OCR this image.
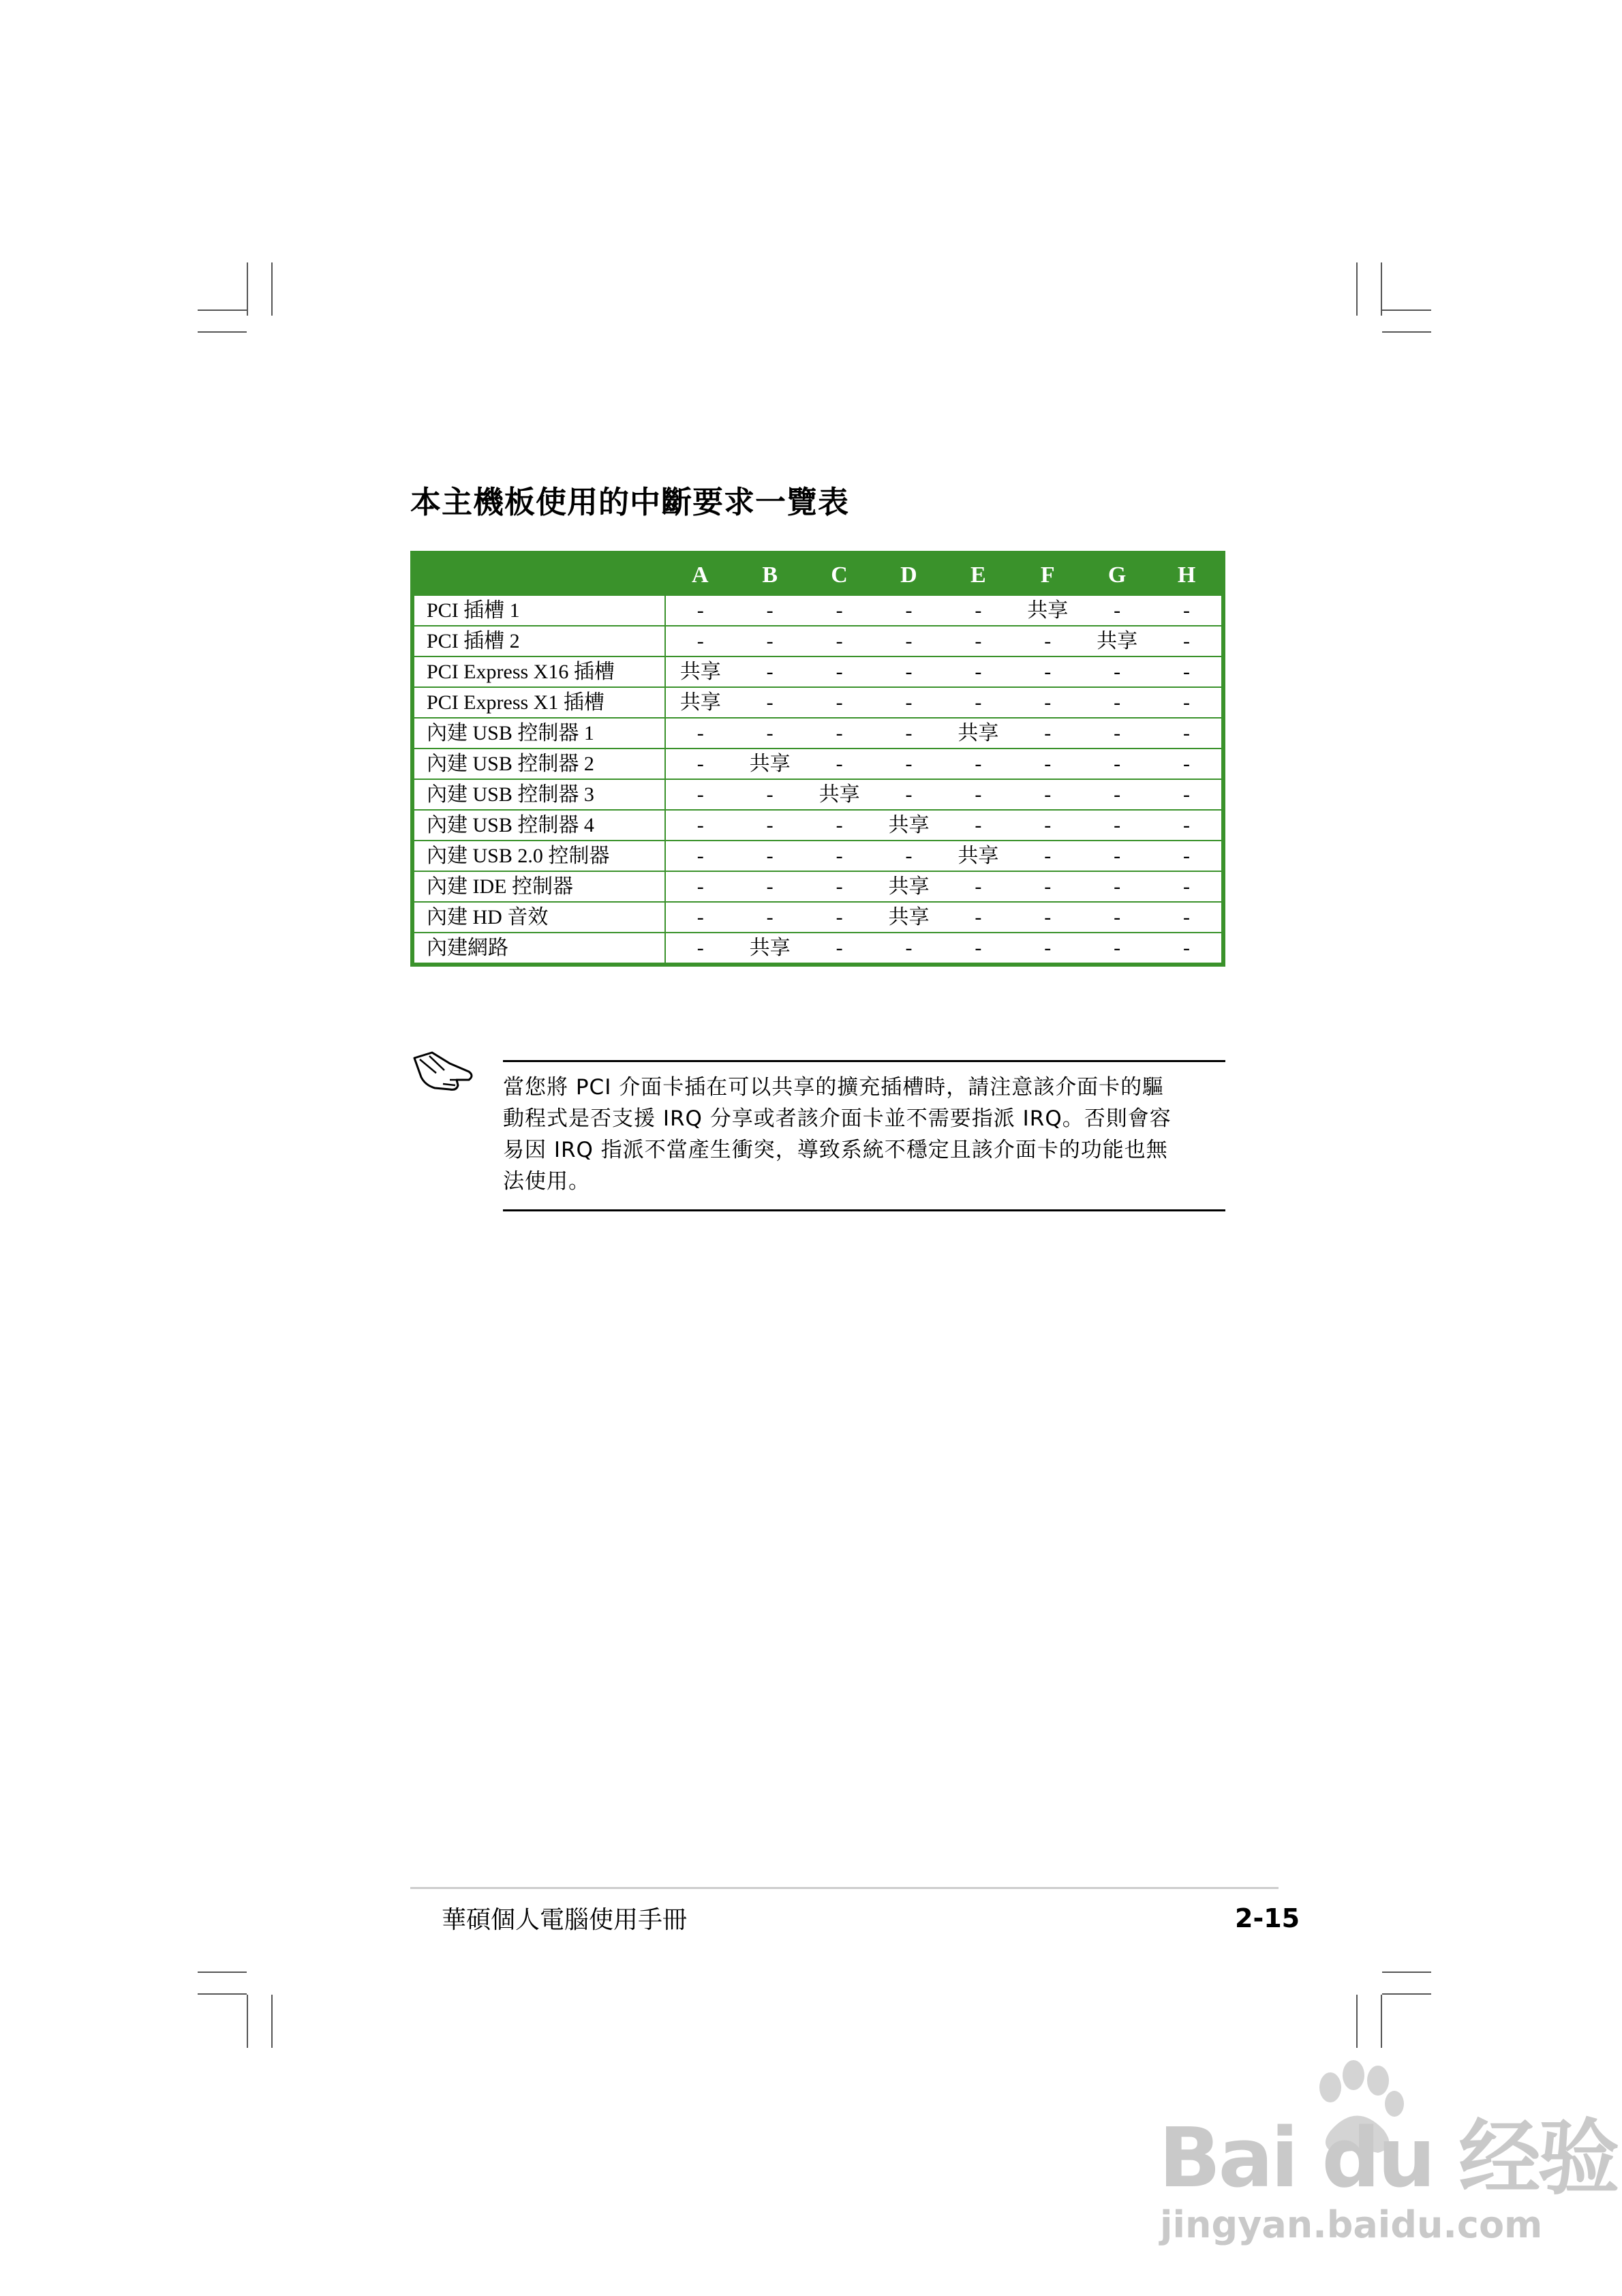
本主機板使用的中斷要求一覽表
	A	B	C	D	E	F	G	H
PCI 插槽 1	-	-	-	-	-	共享	-	-
PCI 插槽 2	-	-	-	-	-	-	共享	-
PCI Express X16 插槽	共享	-	-	-	-	-	-	-
PCI Express X1 插槽	共享	-	-	-	-	-	-	-
內建 USB 控制器 1	-	-	-	-	共享	-	-	-
內建 USB 控制器 2	-	共享	-	-	-	-	-	-
內建 USB 控制器 3	-	-	共享	-	-	-	-	-
內建 USB 控制器 4	-	-	-	共享	-	-	-	-
內建 USB 2.0 控制器	-	-	-	-	共享	-	-	-
內建 IDE 控制器	-	-	-	共享	-	-	-	-
內建 HD 音效	-	-	-	共享	-	-	-	-
內建網路	-	共享	-	-	-	-	-	-
當您將 PCI 介面卡插在可以共享的擴充插槽時，請注意該介面卡的驅動程式是否支援 IRQ 分享或者該介面卡並不需要指派 IRQ。否則會容易因 IRQ 指派不當產生衝突，導致系統不穩定且該介面卡的功能也無法使用。
華碩個人電腦使用手冊	2-15
Bai du 经验
jingyan.baidu.com
